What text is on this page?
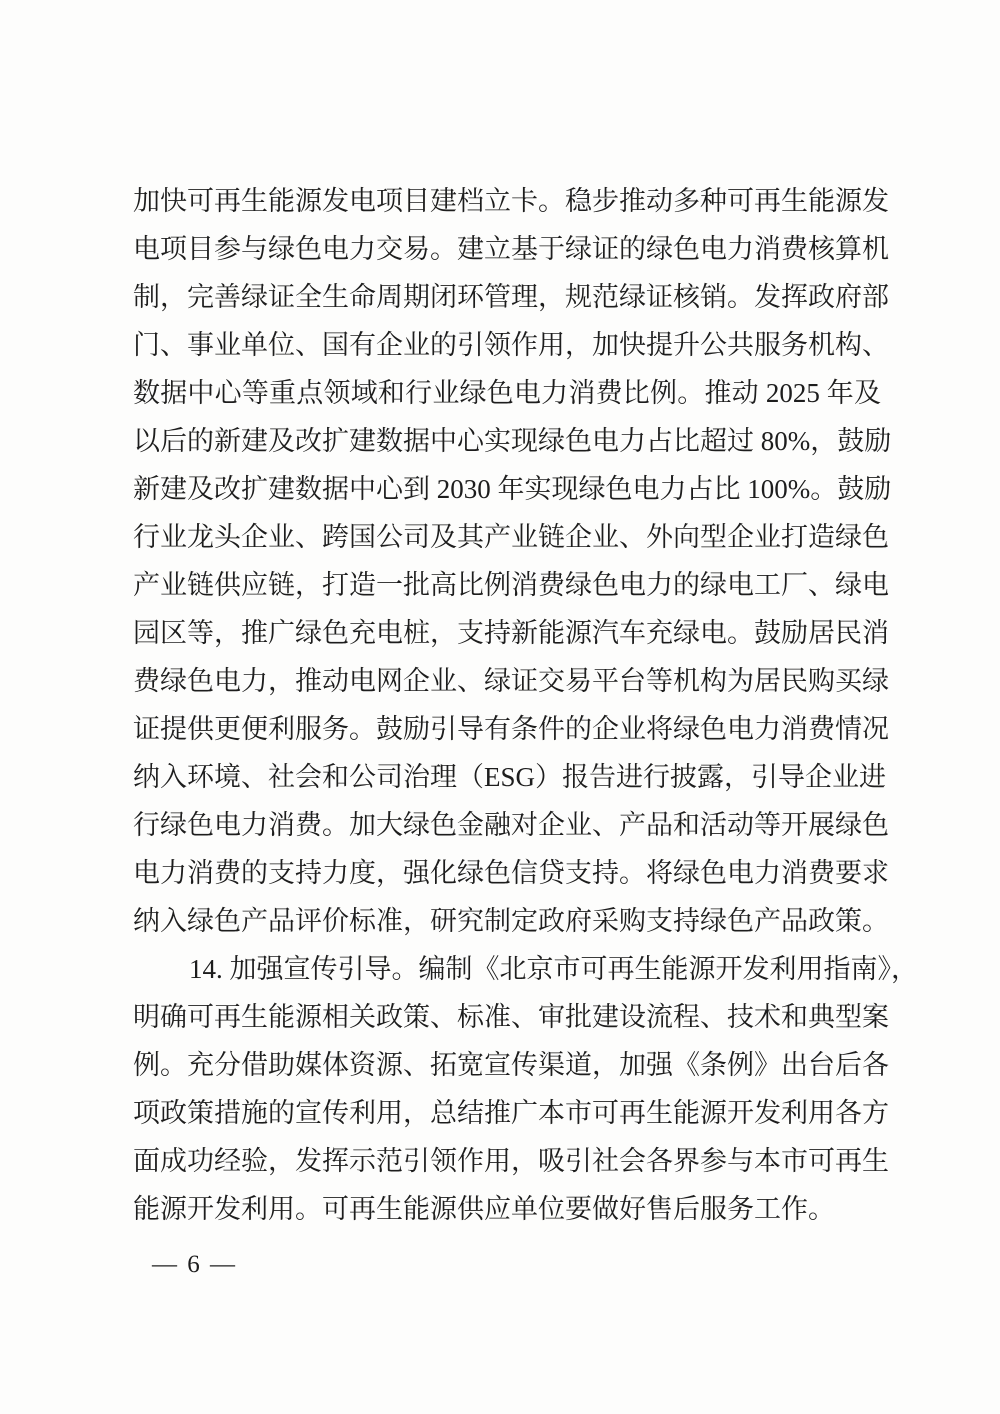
加快可再生能源发电项目建档立卡。稳步推动多种可再生能源发
电项目参与绿色电力交易。建立基于绿证的绿色电力消费核算机
制，完善绿证全生命周期闭环管理，规范绿证核销。发挥政府部
门、事业单位、国有企业的引领作用，加快提升公共服务机构、
数据中心等重点领域和行业绿色电力消费比例。推动 2025 年及
以后的新建及改扩建数据中心实现绿色电力占比超过 80%，鼓励
新建及改扩建数据中心到 2030 年实现绿色电力占比 100%。鼓励
行业龙头企业、跨国公司及其产业链企业、外向型企业打造绿色
产业链供应链，打造一批高比例消费绿色电力的绿电工厂、绿电
园区等，推广绿色充电桩，支持新能源汽车充绿电。鼓励居民消
费绿色电力，推动电网企业、绿证交易平台等机构为居民购买绿
证提供更便利服务。鼓励引导有条件的企业将绿色电力消费情况
纳入环境、社会和公司治理（ESG）报告进行披露，引导企业进
行绿色电力消费。加大绿色金融对企业、产品和活动等开展绿色
电力消费的支持力度，强化绿色信贷支持。将绿色电力消费要求
纳入绿色产品评价标准，研究制定政府采购支持绿色产品政策。
14. 加强宣传引导。编制《北京市可再生能源开发利用指南》，
明确可再生能源相关政策、标准、审批建设流程、技术和典型案
例。充分借助媒体资源、拓宽宣传渠道，加强《条例》出台后各
项政策措施的宣传利用，总结推广本市可再生能源开发利用各方
面成功经验，发挥示范引领作用，吸引社会各界参与本市可再生
能源开发利用。可再生能源供应单位要做好售后服务工作。
— 6 —
